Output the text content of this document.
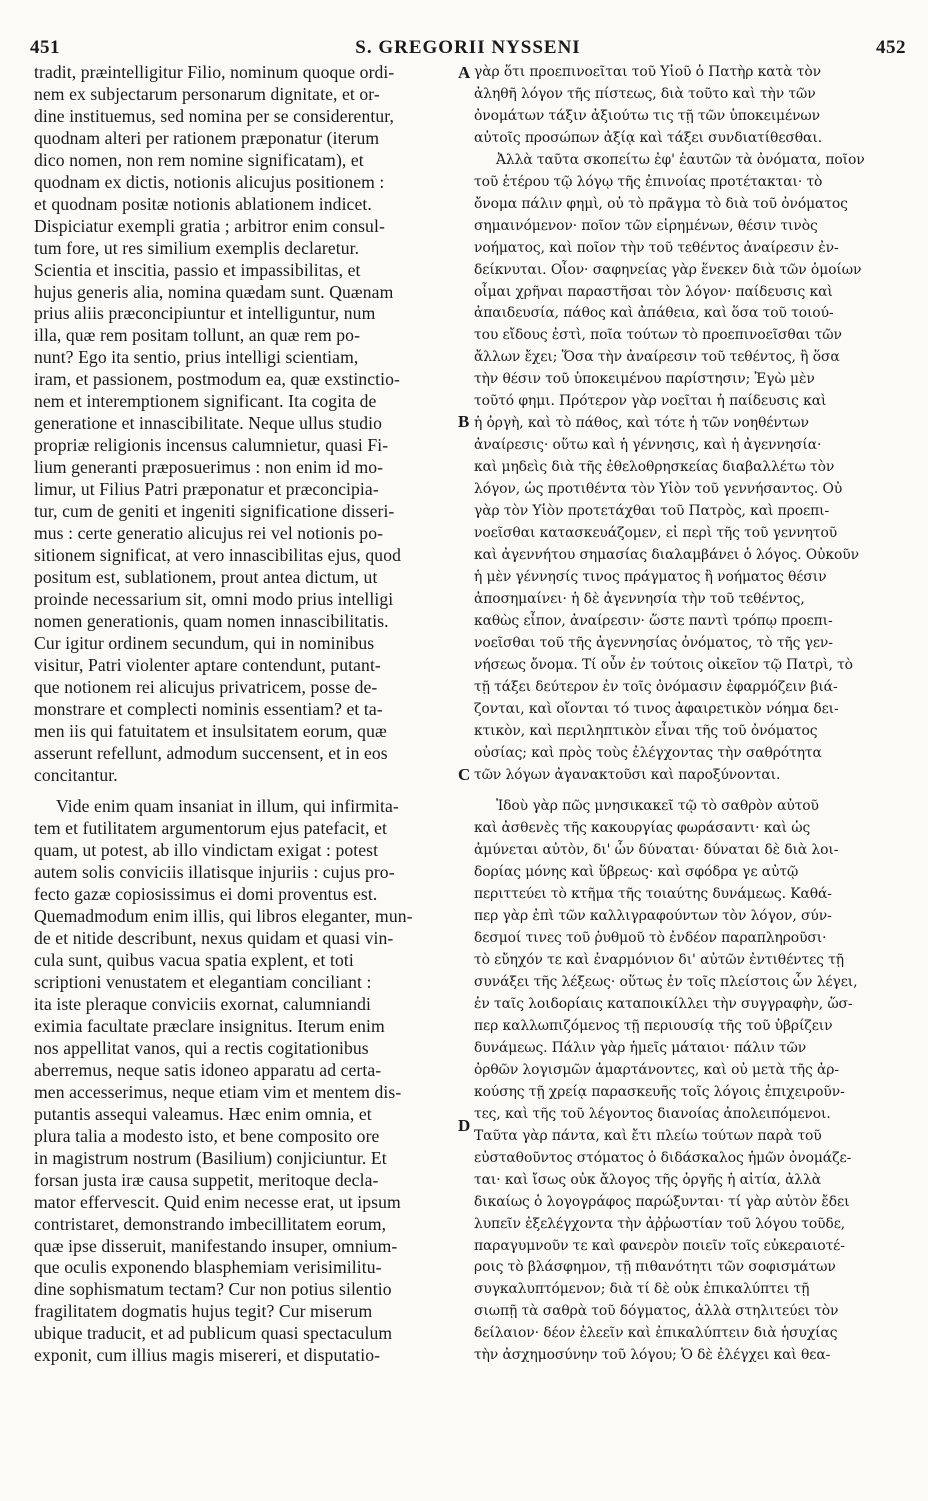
451	S. GREGORII NYSSENI	452
tradit, præintelligitur Filio, nominum quoque ordi-
nem ex subjectarum personarum dignitate, et or-
dine instituemus, sed nomina per se considerentur,
quodnam alteri per rationem præponatur (iterum
dico nomen, non rem nomine significatam), et
quodnam ex dictis, notionis alicujus positionem :
et quodnam positæ notionis ablationem indicet.
Dispiciatur exempli gratia ; arbitror enim consul-
tum fore, ut res similium exemplis declaretur.
Scientia et inscitia, passio et impassibilitas, et
hujus generis alia, nomina quædam sunt. Quænam
prius aliis præconcipiuntur et intelliguntur, num
illa, quæ rem positam tollunt, an quæ rem po-
nunt? Ego ita sentio, prius intelligi scientiam,
iram, et passionem, postmodum ea, quæ exstinctio-
nem et interemptionem significant. Ita cogita de
generatione et innascibilitate. Neque ullus studio
propriæ religionis incensus calumnietur, quasi Fi-
lium generanti præposuerimus : non enim id mo-
limur, ut Filius Patri præponatur et præconcipia-
tur, cum de geniti et ingeniti significatione disseri-
mus : certe generatio alicujus rei vel notionis po-
sitionem significat, at vero innascibilitas ejus, quod
positum est, sublationem, prout antea dictum, ut
proinde necessarium sit, omni modo prius intelligi
nomen generationis, quam nomen innascibilitatis.
Cur igitur ordinem secundum, qui in nominibus
visitur, Patri violenter aptare contendunt, putant-
que notionem rei alicujus privatricem, posse de-
monstrare et complecti nominis essentiam? et ta-
men iis qui fatuitatem et insulsitatem eorum, quæ
asserunt refellunt, admodum succensent, et in eos
concitantur.
Vide enim quam insaniat in illum, qui infirmita-
tem et futilitatem argumentorum ejus patefacit, et
quam, ut potest, ab illo vindictam exigat : potest
autem solis conviciis illatisque injuriis : cujus pro-
fecto gazæ copiosissimus ei domi proventus est.
Quemadmodum enim illis, qui libros eleganter, mun-
de et nitide describunt, nexus quidam et quasi vin-
cula sunt, quibus vacua spatia explent, et toti
scriptioni venustatem et elegantiam conciliant :
ita iste pleraque conviciis exornat, calumniandi
eximia facultate præclare insignitus. Iterum enim
nos appellitat vanos, qui a rectis cogitationibus
aberremus, neque satis idoneo apparatu ad certa-
men accesserimus, neque etiam vim et mentem dis-
putantis assequi valeamus. Hæc enim omnia, et
plura talia a modesto isto, et bene composito ore
in magistrum nostrum (Basilium) conjiciuntur. Et
forsan justa iræ causa suppetit, meritoque decla-
mator effervescit. Quid enim necesse erat, ut ipsum
contristaret, demonstrando imbecillitatem eorum,
quæ ipse disseruit, manifestando insuper, omnium-
que oculis exponendo blasphemiam verisimilitu-
dine sophismatum tectam? Cur non potius silentio
fragilitatem dogmatis hujus tegit? Cur miserum
ubique traducit, et ad publicum quasi spectaculum
exponit, cum illius magis misereri, et disputatio-
γὰρ ὅτι προεπινοεῖται τοῦ Υἱοῦ ὁ Πατὴρ κατὰ τὸν
ἀληθῆ λόγον τῆς πίστεως, διὰ τοῦτο καὶ τὴν τῶν
ὀνομάτων τάξιν ἀξιούτω τις τῇ τῶν ὑποκειμένων
αὐτοῖς προσώπων ἀξίᾳ καὶ τάξει συνδιατίθεσθαι.
Ἀλλὰ ταῦτα σκοπείτω ἐφ' ἑαυτῶν τὰ ὀνόματα, ποῖον
τοῦ ἑτέρου τῷ λόγῳ τῆς ἐπινοίας προτέτακται· τὸ
ὄνομα πάλιν φημὶ, οὐ τὸ πρᾶγμα τὸ διὰ τοῦ ὀνόματος
σημαινόμενον· ποῖον τῶν εἰρημένων, θέσιν τινὸς
νοήματος, καὶ ποῖον τὴν τοῦ τεθέντος ἀναίρεσιν ἐν-
δείκνυται. Οἷον· σαφηνείας γὰρ ἕνεκεν διὰ τῶν ὁμοίων
οἶμαι χρῆναι παραστῆσαι τὸν λόγον· παίδευσις καὶ
ἀπαιδευσία, πάθος καὶ ἀπάθεια, καὶ ὅσα τοῦ τοιού-
του εἴδους ἐστὶ, ποῖα τούτων τὸ προεπινοεῖσθαι τῶν
ἄλλων ἔχει; Ὅσα τὴν ἀναίρεσιν τοῦ τεθέντος, ἢ ὅσα
τὴν θέσιν τοῦ ὑποκειμένου παρίστησιν; Ἐγὼ μὲν
τοῦτό φημι. Πρότερον γὰρ νοεῖται ἡ παίδευσις καὶ
ἡ ὀργὴ, καὶ τὸ πάθος, καὶ τότε ἡ τῶν νοηθέντων
ἀναίρεσις· οὕτω καὶ ἡ γέννησις, καὶ ἡ ἀγεννησία·
καὶ μηδεὶς διὰ τῆς ἐθελοθρησκείας διαβαλλέτω τὸν
λόγον, ὡς προτιθέντα τὸν Υἱὸν τοῦ γεννήσαντος. Οὐ
γὰρ τὸν Υἱὸν προτετάχθαι τοῦ Πατρὸς, καὶ προεπι-
νοεῖσθαι κατασκευάζομεν, εἰ περὶ τῆς τοῦ γεννητοῦ
καὶ ἀγεννήτου σημασίας διαλαμβάνει ὁ λόγος. Οὐκοῦν
ἡ μὲν γέννησίς τινος πράγματος ἢ νοήματος θέσιν
ἀποσημαίνει· ἡ δὲ ἀγεννησία τὴν τοῦ τεθέντος,
καθὼς εἶπον, ἀναίρεσιν· ὥστε παντὶ τρόπῳ προεπι-
νοεῖσθαι τοῦ τῆς ἀγεννησίας ὀνόματος, τὸ τῆς γεν-
νήσεως ὄνομα. Τί οὖν ἐν τούτοις οἰκεῖον τῷ Πατρὶ, τὸ
τῇ τάξει δεύτερον ἐν τοῖς ὀνόμασιν ἐφαρμόζειν βιά-
ζονται, καὶ οἴονται τό τινος ἀφαιρετικὸν νόημα δει-
κτικὸν, καὶ περιληπτικὸν εἶναι τῆς τοῦ ὀνόματος
οὐσίας; καὶ πρὸς τοὺς ἐλέγχοντας τὴν σαθρότητα
τῶν λόγων ἀγανακτοῦσι καὶ παροξύνονται.
Ἰδοὺ γὰρ πῶς μνησικακεῖ τῷ τὸ σαθρὸν αὐτοῦ
καὶ ἀσθενὲς τῆς κακουργίας φωράσαντι· καὶ ὡς
ἀμύνεται αὐτὸν, δι' ὧν δύναται· δύναται δὲ διὰ λοι-
δορίας μόνης καὶ ὕβρεως· καὶ σφόδρα γε αὐτῷ
περιττεύει τὸ κτῆμα τῆς τοιαύτης δυνάμεως. Καθά-
περ γὰρ ἐπὶ τῶν καλλιγραφούντων τὸν λόγον, σύν-
δεσμοί τινες τοῦ ῥυθμοῦ τὸ ἐνδέον παραπληροῦσι·
τὸ εὔηχόν τε καὶ ἐναρμόνιον δι' αὐτῶν ἐντιθέντες τῇ
συνάξει τῆς λέξεως· οὕτως ἐν τοῖς πλείστοις ὧν λέγει,
ἐν ταῖς λοιδορίαις καταποικίλλει τὴν συγγραφὴν, ὥσ-
περ καλλωπιζόμενος τῇ περιουσίᾳ τῆς τοῦ ὑβρίζειν
δυνάμεως. Πάλιν γὰρ ἡμεῖς μάταιοι· πάλιν τῶν
ὀρθῶν λογισμῶν ἁμαρτάνοντες, καὶ οὐ μετὰ τῆς ἀρ-
κούσης τῇ χρείᾳ παρασκευῆς τοῖς λόγοις ἐπιχειροῦν-
τες, καὶ τῆς τοῦ λέγοντος διανοίας ἀπολειπόμενοι.
Ταῦτα γὰρ πάντα, καὶ ἔτι πλείω τούτων παρὰ τοῦ
εὐσταθοῦντος στόματος ὁ διδάσκαλος ἡμῶν ὀνομάζε-
ται· καὶ ἴσως οὐκ ἄλογος τῆς ὀργῆς ἡ αἰτία, ἀλλὰ
δικαίως ὁ λογογράφος παρώξυνται· τί γὰρ αὐτὸν ἔδει
λυπεῖν ἐξελέγχοντα τὴν ἀῤῥωστίαν τοῦ λόγου τοῦδε,
παραγυμνοῦν τε καὶ φανερὸν ποιεῖν τοῖς εὐκεραιοτέ-
ροις τὸ βλάσφημον, τῇ πιθανότητι τῶν σοφισμάτων
συγκαλυπτόμενον; διὰ τί δὲ οὐκ ἐπικαλύπτει τῇ
σιωπῇ τὰ σαθρὰ τοῦ δόγματος, ἀλλὰ στηλιτεύει τὸν
δείλαιον· δέον ἐλεεῖν καὶ ἐπικαλύπτειν διὰ ἡσυχίας
τὴν ἀσχημοσύνην τοῦ λόγου; Ὁ δὲ ἐλέγχει καὶ θεα-
A
B
C
D
